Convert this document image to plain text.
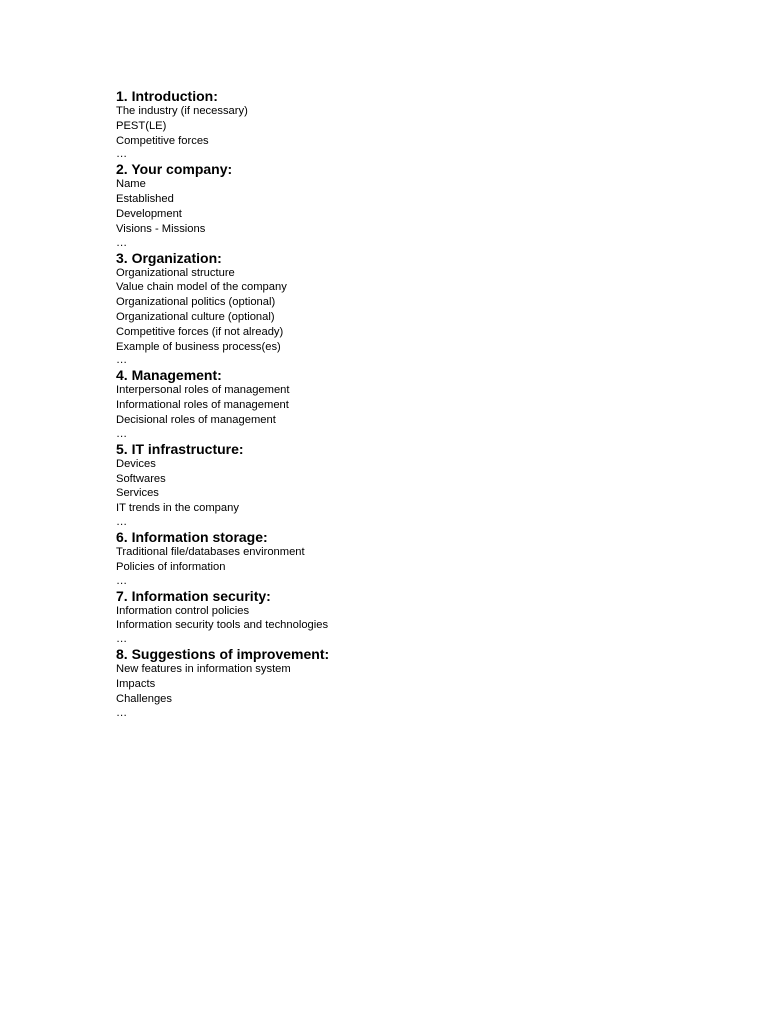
1. Introduction:
The industry (if necessary)
PEST(LE)
Competitive forces
…
2. Your company:
Name
Established
Development
Visions - Missions
…
3. Organization:
Organizational structure
Value chain model of the company
Organizational politics (optional)
Organizational culture (optional)
Competitive forces (if not already)
Example of business process(es)
…
4. Management:
Interpersonal roles of management
Informational roles of management
Decisional roles of management
…
5. IT infrastructure:
Devices
Softwares
Services
IT trends in the company
…
6. Information storage:
Traditional file/databases environment
Policies of information
…
7. Information security:
Information control policies
Information security tools and technologies
…
8. Suggestions of improvement:
New features in information system
Impacts
Challenges
…
